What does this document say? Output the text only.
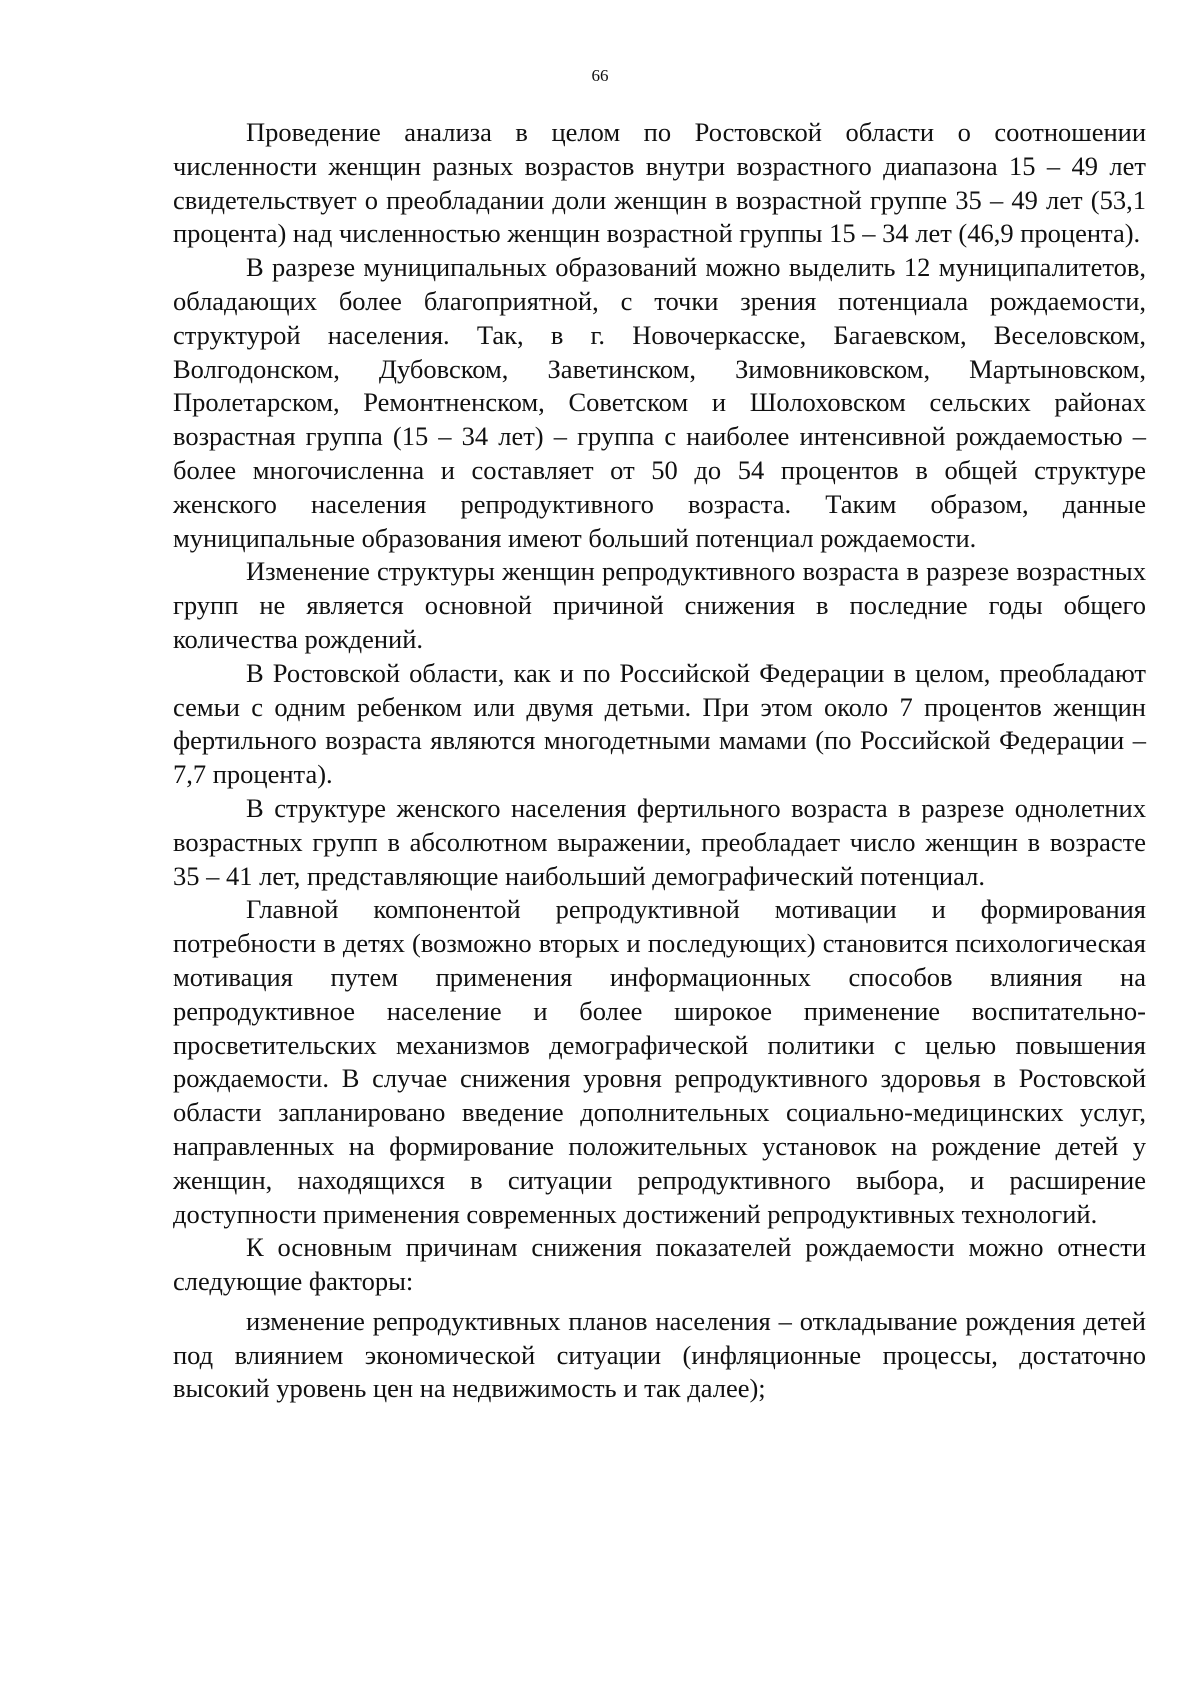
66

Проведение анализа в целом по Ростовской области о соотношении численности женщин разных возрастов внутри возрастного диапазона 15 – 49 лет свидетельствует о преобладании доли женщин в возрастной группе 35 – 49 лет (53,1 процента) над численностью женщин возрастной группы 15 – 34 лет (46,9 процента).

В разрезе муниципальных образований можно выделить 12 муниципалитетов, обладающих более благоприятной, с точки зрения потенциала рождаемости, структурой населения. Так, в г. Новочеркасске, Багаевском, Веселовском, Волгодонском, Дубовском, Заветинском, Зимовниковском, Мартыновском, Пролетарском, Ремонтненском, Советском и Шолоховском сельских районах возрастная группа (15 – 34 лет) – группа с наиболее интенсивной рождаемостью – более многочисленна и составляет от 50 до 54 процентов в общей структуре женского населения репродуктивного возраста. Таким образом, данные муниципальные образования имеют больший потенциал рождаемости.

Изменение структуры женщин репродуктивного возраста в разрезе возрастных групп не является основной причиной снижения в последние годы общего количества рождений.

В Ростовской области, как и по Российской Федерации в целом, преобладают семьи с одним ребенком или двумя детьми. При этом около 7 процентов женщин фертильного возраста являются многодетными мамами (по Российской Федерации – 7,7 процента).

В структуре женского населения фертильного возраста в разрезе однолетних возрастных групп в абсолютном выражении, преобладает число женщин в возрасте 35 – 41 лет, представляющие наибольший демографический потенциал.

Главной компонентой репродуктивной мотивации и формирования потребности в детях (возможно вторых и последующих) становится психологическая мотивация путем применения информационных способов влияния на репродуктивное население и более широкое применение воспитательно-просветительских механизмов демографической политики с целью повышения рождаемости. В случае снижения уровня репродуктивного здоровья в Ростовской области запланировано введение дополнительных социально-медицинских услуг, направленных на формирование положительных установок на рождение детей у женщин, находящихся в ситуации репродуктивного выбора, и расширение доступности применения современных достижений репродуктивных технологий.

К основным причинам снижения показателей рождаемости можно отнести следующие факторы:

изменение репродуктивных планов населения – откладывание рождения детей под влиянием экономической ситуации (инфляционные процессы, достаточно высокий уровень цен на недвижимость и так далее);
